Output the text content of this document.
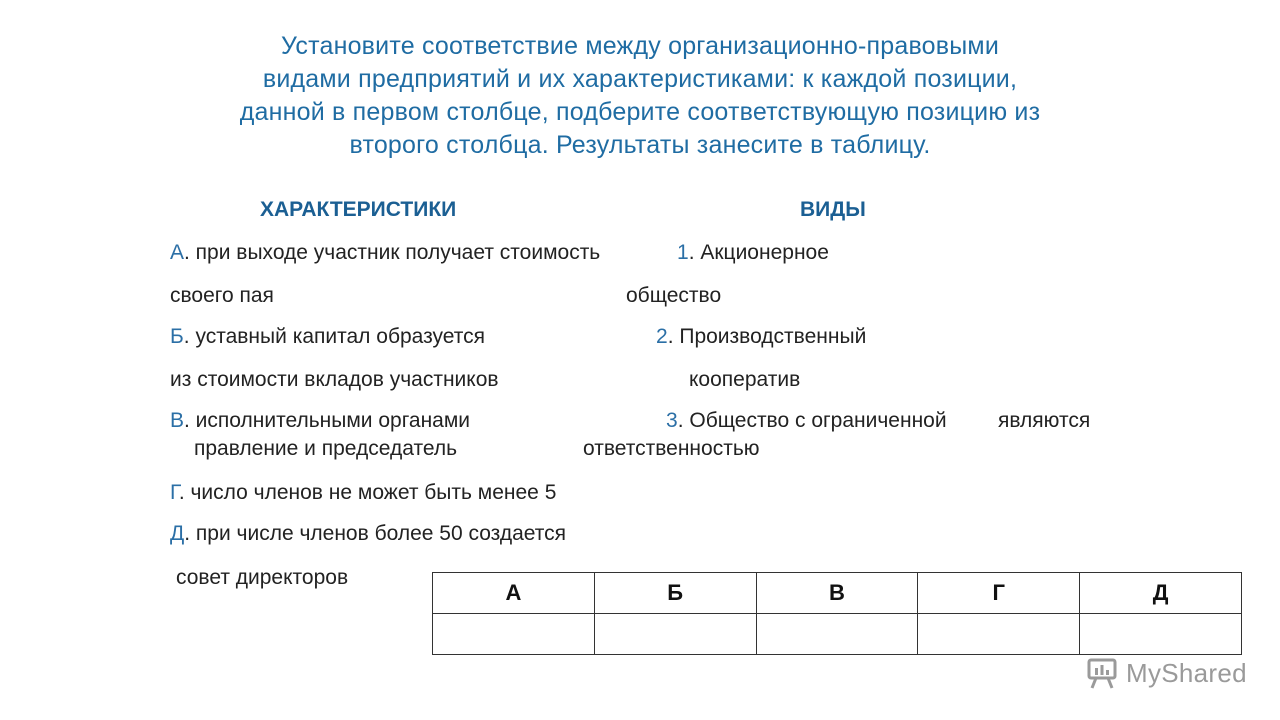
Установите соответствие между организационно-правовыми
видами предприятий и их характеристиками: к каждой позиции,
данной в первом столбце, подберите соответствующую позицию из
второго столбца. Результаты занесите в таблицу.
ХАРАКТЕРИСТИКИ	ВИДЫ
А. при выходе участник получает стоимость
своего пая
1. Акционерное
общество
Б. уставный капитал образуется
из стоимости вкладов участников
2. Производственный
кооператив
В. исполнительными органами
правление и председатель
3. Общество с ограниченной являются
ответственностью
Г. число членов не может быть менее 5
Д. при числе членов более 50 создается
совет директоров
А	Б	В	Г	Д

MyShared
